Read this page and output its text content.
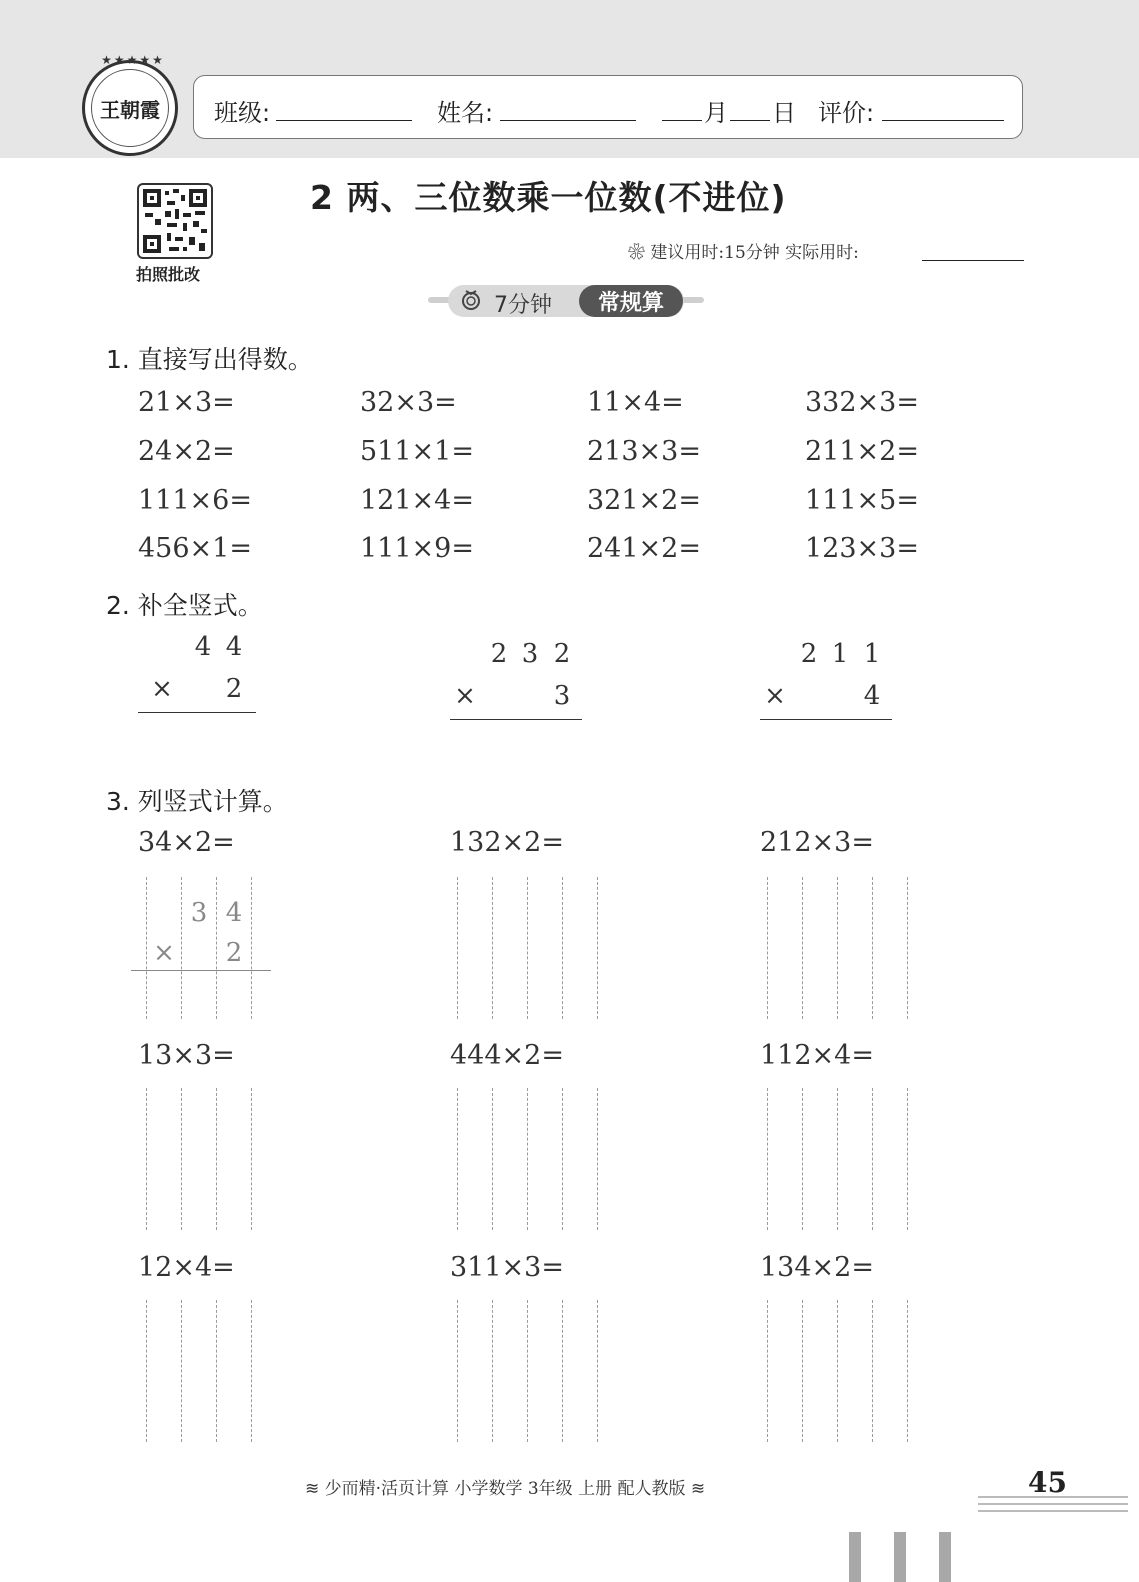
★★★★★
王朝霞	班级:	姓名:	月 日 评价:
拍照批改
2 两、三位数乘一位数(不进位)
❀ 建议用时:15分钟 实际用时:
7分钟	常规算
1. 直接写出得数。
21×3=	32×3=	11×4=	332×3=
24×2=	511×1=	213×3=	211×2=
111×6=	121×4=	321×2=	111×5=
456×1=	111×9=	241×2=	123×3=
2. 补全竖式。
4 4
× 2
2 3 2
×	3
2 1 1
×	4
3. 列竖式计算。
34×2=	132×2=	212×3=
3 4
× 2
13×3=	444×2=	112×4=
12×4=	311×3=	134×2=
≋ 少而精·活页计算 小学数学 3年级 上册 配人教版 ≋	45
